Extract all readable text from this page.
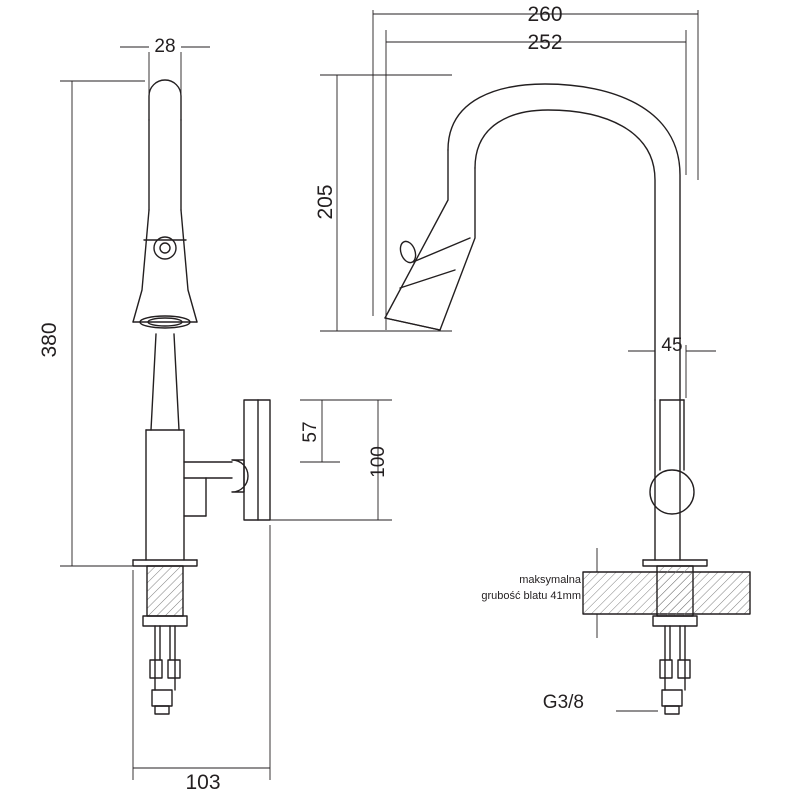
28
380
103
57
100
260
252
205
45
G3/8
maksymalna
grubość blatu 41mm
